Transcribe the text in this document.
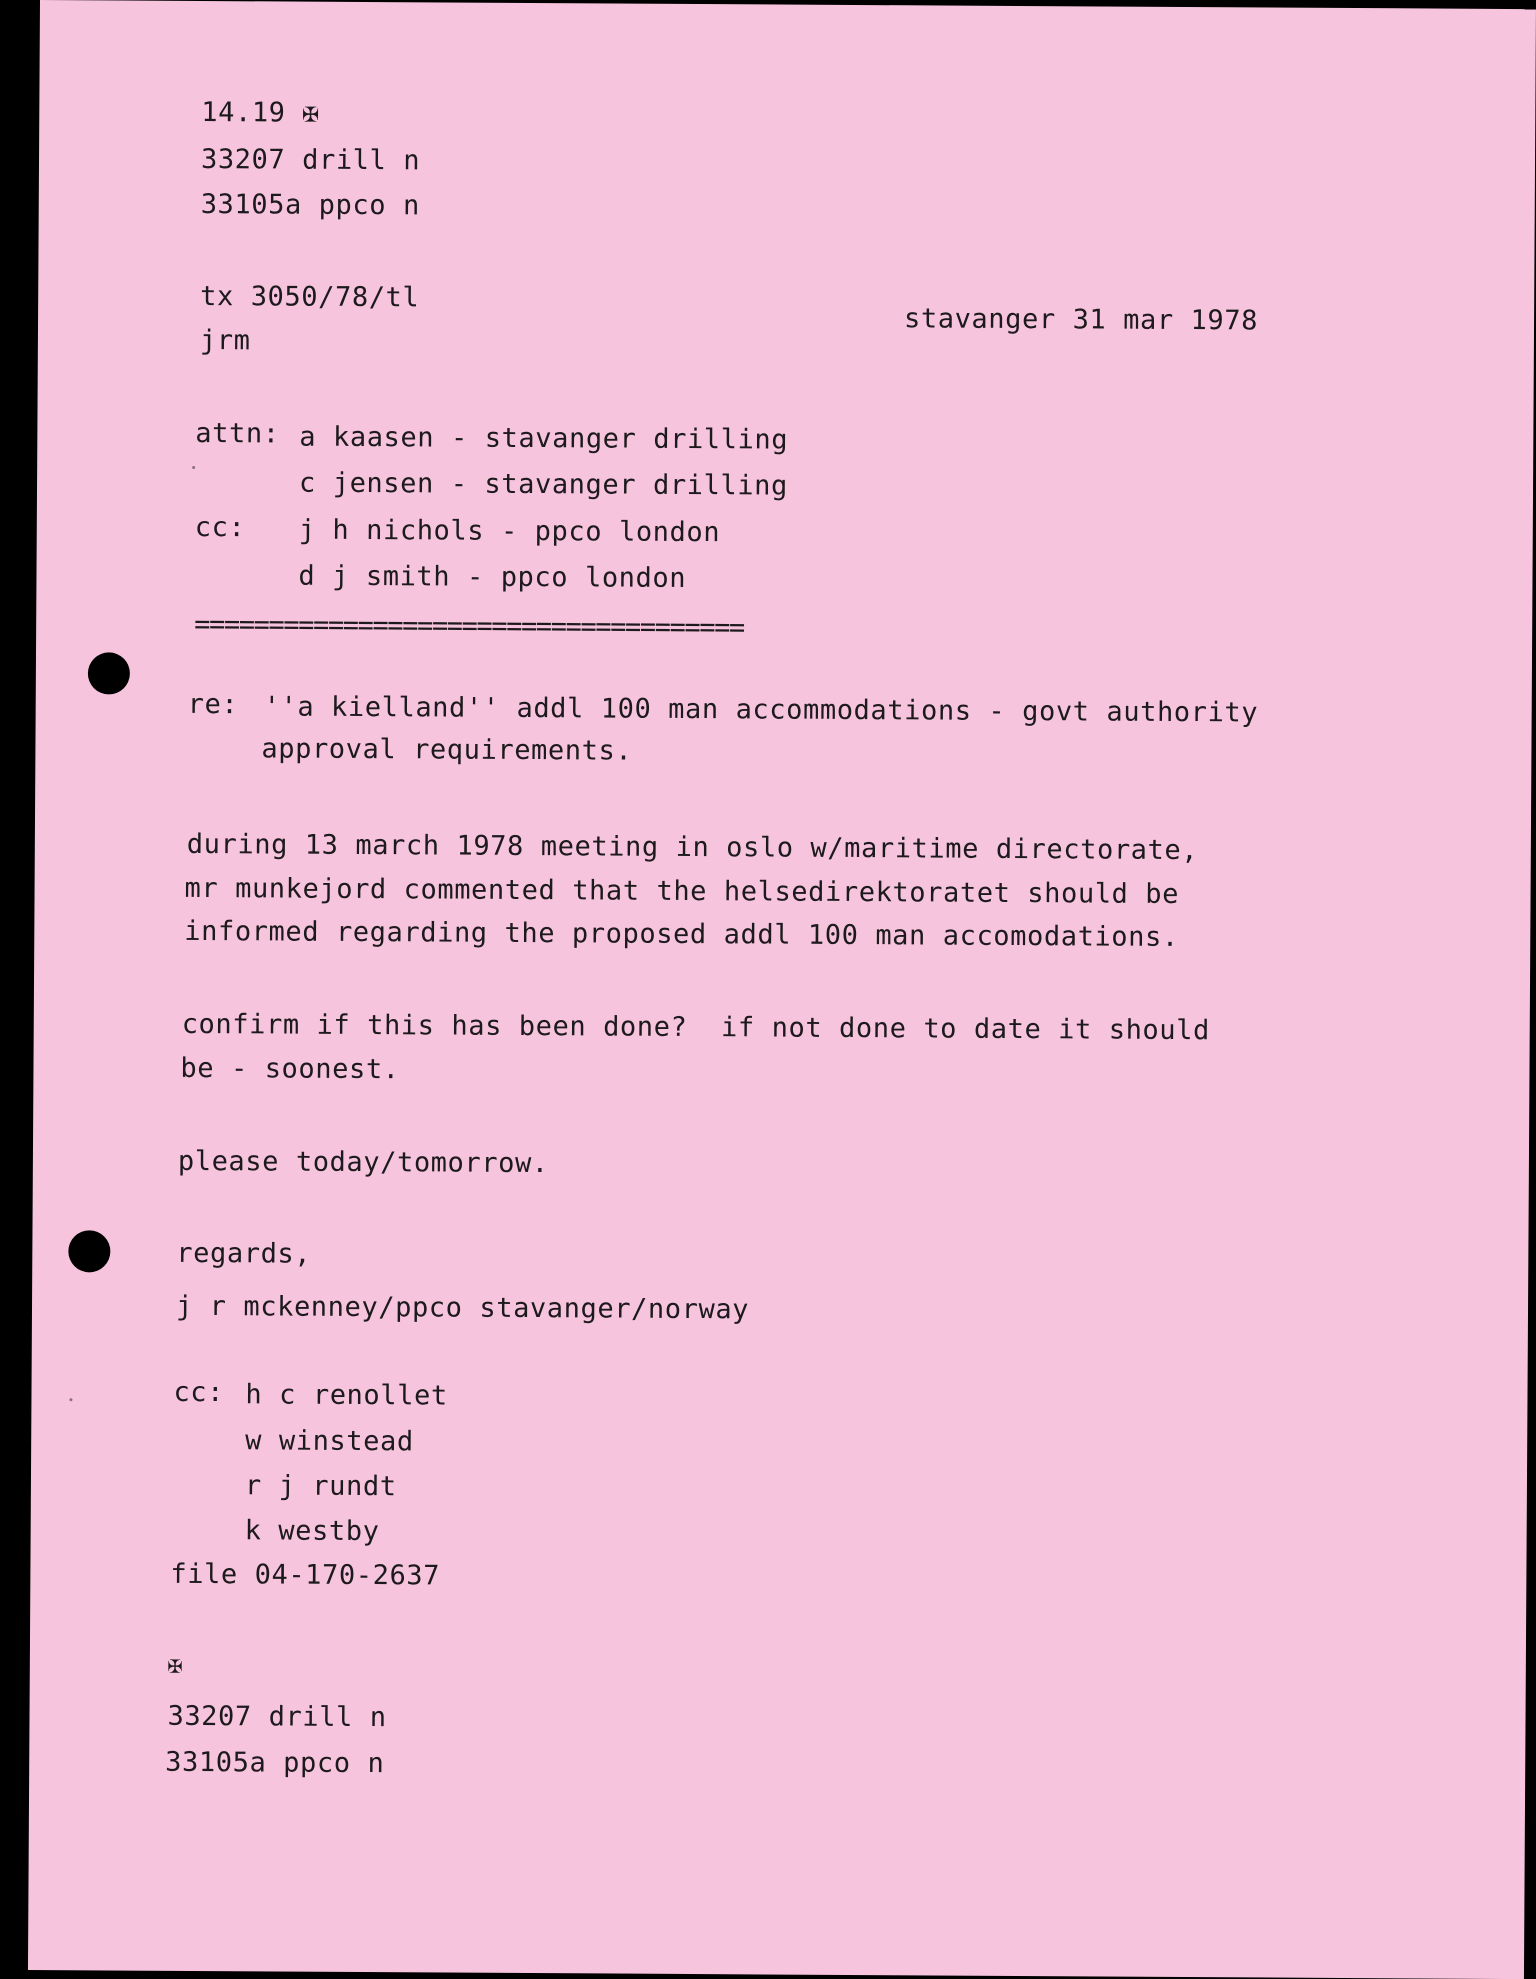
14.19 ✠
33207 drill n
33105a ppco n
tx 3050/78/tl
jrm
stavanger 31 mar 1978
attn: a kaasen - stavanger drilling
c jensen - stavanger drilling
cc: j h nichols - ppco london
d j smith - ppco london
=====================================
re: ''a kielland'' addl 100 man accommodations - govt authority
approval requirements.
during 13 march 1978 meeting in oslo w/maritime directorate,
mr munkejord commented that the helsedirektoratet should be
informed regarding the proposed addl 100 man accomodations.
confirm if this has been done?  if not done to date it should
be - soonest.
please today/tomorrow.
regards,
j r mckenney/ppco stavanger/norway
cc: h c renollet
w winstead
r j rundt
k westby
file 04-170-2637
✠
33207 drill n
33105a ppco n
